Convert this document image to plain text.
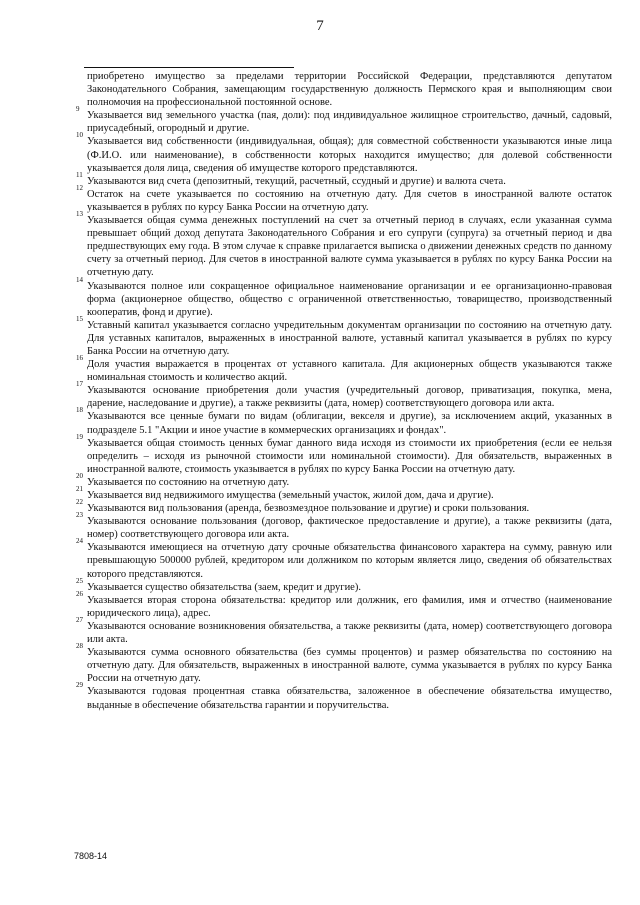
7
приобретено имущество за пределами территории Российской Федерации, представляются депутатом Законодательного Собрания, замещающим государственную должность Пермского края и выполняющим свои полномочия на профессиональной постоянной основе.
9
Указывается вид земельного участка (пая, доли): под индивидуальное жилищное строительство, дачный, садовый, приусадебный, огородный и другие.
10
Указывается вид собственности (индивидуальная, общая); для совместной собственности указываются иные лица (Ф.И.О. или наименование), в собственности которых находится имущество; для долевой собственности указывается доля лица, сведения об имуществе которого представляются.
11
Указываются вид счета (депозитный, текущий, расчетный, ссудный и другие) и валюта счета.
12
Остаток на счете указывается по состоянию на отчетную дату. Для счетов в иностранной валюте остаток указывается в рублях по курсу Банка России на отчетную дату.
13
Указывается общая сумма денежных поступлений на счет за отчетный период в случаях, если указанная сумма превышает общий доход депутата Законодательного Собрания и его супруги (супруга) за отчетный период и два предшествующих ему года. В этом случае к справке прилагается выписка о движении денежных средств по данному счету за отчетный период. Для счетов в иностранной валюте сумма указывается в рублях по курсу Банка России на отчетную дату.
14
Указываются полное или сокращенное официальное наименование организации и ее организационно-правовая форма (акционерное общество, общество с ограниченной ответственностью, товарищество, производственный кооператив, фонд и другие).
15
Уставный капитал указывается согласно учредительным документам организации по состоянию на отчетную дату. Для уставных капиталов, выраженных в иностранной валюте, уставный капитал указывается в рублях по курсу Банка России на отчетную дату.
16
Доля участия выражается в процентах от уставного капитала. Для акционерных обществ указываются также номинальная стоимость и количество акций.
17
Указываются основание приобретения доли участия (учредительный договор, приватизация, покупка, мена, дарение, наследование и другие), а также реквизиты (дата, номер) соответствующего договора или акта.
18
Указываются все ценные бумаги по видам (облигации, векселя и другие), за исключением акций, указанных в подразделе 5.1 "Акции и иное участие в коммерческих организациях и фондах".
19
Указывается общая стоимость ценных бумаг данного вида исходя из стоимости их приобретения (если ее нельзя определить – исходя из рыночной стоимости или номинальной стоимости). Для обязательств, выраженных в иностранной валюте, стоимость указывается в рублях по курсу Банка России на отчетную дату.
20
Указывается по состоянию на отчетную дату.
21
Указывается вид недвижимого имущества (земельный участок, жилой дом, дача и другие).
22
Указываются вид пользования (аренда, безвозмездное пользование и другие) и сроки пользования.
23
Указываются основание пользования (договор, фактическое предоставление и другие), а также реквизиты (дата, номер) соответствующего договора или акта.
24
Указываются имеющиеся на отчетную дату срочные обязательства финансового характера на сумму, равную или превышающую 500000 рублей, кредитором или должником по которым является лицо, сведения об обязательствах которого представляются.
25
Указывается существо обязательства (заем, кредит и другие).
26
Указывается вторая сторона обязательства: кредитор или должник, его фамилия, имя и отчество (наименование юридического лица), адрес.
27
Указываются основание возникновения обязательства, а также реквизиты (дата, номер) соответствующего договора или акта.
28
Указываются сумма основного обязательства (без суммы процентов) и размер обязательства по состоянию на отчетную дату. Для обязательств, выраженных в иностранной валюте, сумма указывается в рублях по курсу Банка России на отчетную дату.
29
Указываются годовая процентная ставка обязательства, заложенное в обеспечение обязательства имущество, выданные в обеспечение обязательства гарантии и поручительства.
7808-14
